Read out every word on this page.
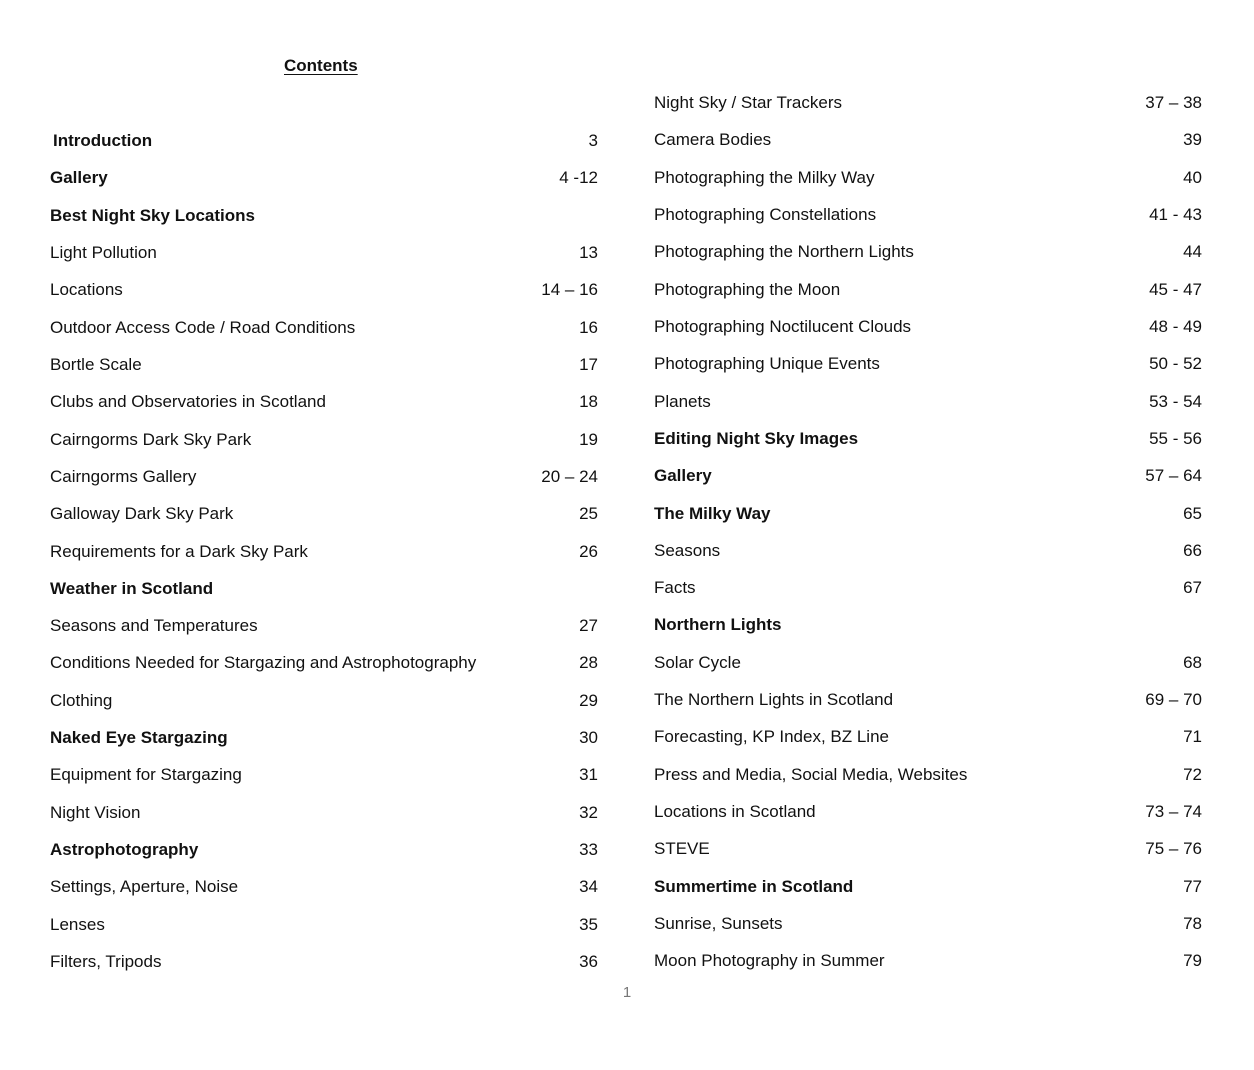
Contents
Introduction	3
Gallery	4 -12
Best Night Sky Locations
Light Pollution	13
Locations	14 – 16
Outdoor Access Code / Road Conditions	16
Bortle Scale	17
Clubs and Observatories in Scotland	18
Cairngorms Dark Sky Park	19
Cairngorms Gallery	20 – 24
Galloway Dark Sky Park	25
Requirements for a Dark Sky Park	26
Weather in Scotland
Seasons and Temperatures	27
Conditions Needed for Stargazing and Astrophotography	28
Clothing	29
Naked Eye Stargazing	30
Equipment for Stargazing	31
Night Vision	32
Astrophotography	33
Settings, Aperture, Noise	34
Lenses	35
Filters, Tripods	36
Night Sky / Star Trackers	37 – 38
Camera Bodies	39
Photographing the Milky Way	40
Photographing Constellations	41 - 43
Photographing the Northern Lights	44
Photographing the Moon	45 - 47
Photographing Noctilucent Clouds	48 - 49
Photographing Unique Events	50 - 52
Planets	53 - 54
Editing Night Sky Images	55 - 56
Gallery	57 – 64
The Milky Way	65
Seasons	66
Facts	67
Northern Lights
Solar Cycle	68
The Northern Lights in Scotland	69 – 70
Forecasting, KP Index, BZ Line	71
Press and Media, Social Media, Websites	72
Locations in Scotland	73 – 74
STEVE	75 – 76
Summertime in Scotland	77
Sunrise, Sunsets	78
Moon Photography in Summer	79
1
